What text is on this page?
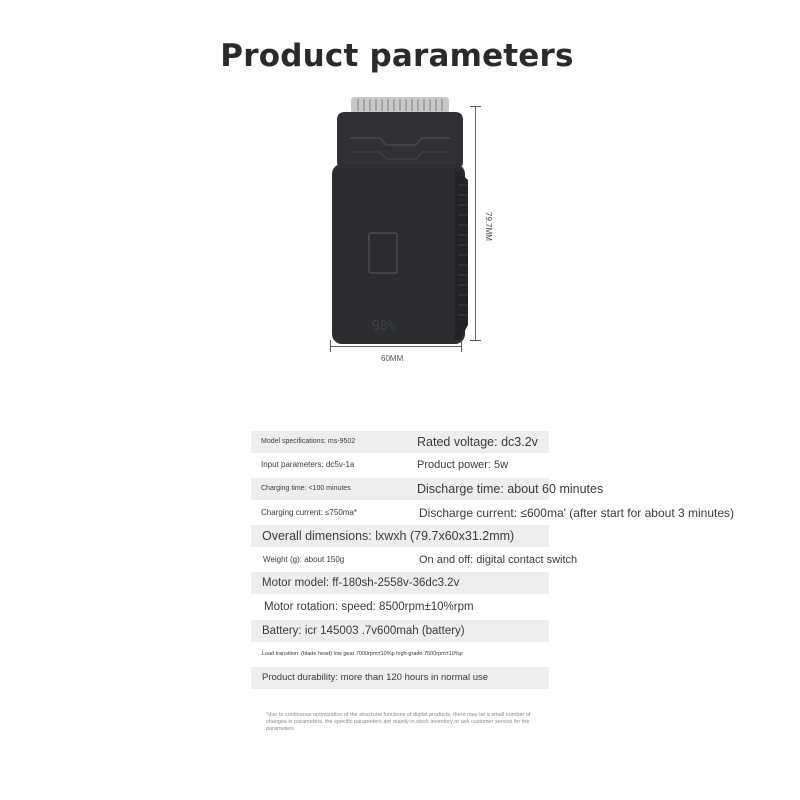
Product parameters
98%
79.7MM
60MM
Model specifications: ms-9502	Rated voltage: dc3.2v
Input parameters: dc5v-1a	Product power: 5w
Charging time: <100 minutes	Discharge time: about 60 minutes
Charging current: ≤750ma*	Discharge current: ≤600ma' (after start for about 3 minutes)
Overall dimensions: lxwxh (79.7x60x31.2mm)
Weight (g): about 150g	On and off: digital contact switch
Motor model: ff-180sh-2558v-36dc3.2v
Motor rotation: speed: 8500rpm±10%rpm
Battery: icr 145003 .7v600mah (battery)
Load transition: (blade head) low gear 7000rpm±10%p high-grade 7500rpm±10%p
Product durability: more than 120 hours in normal use
*due to continuous optimization of the structural functions of digital products, there may be a small number of changes in parameters. the specific parameters are mainly in stock inventory or ask customer service for the parameters
